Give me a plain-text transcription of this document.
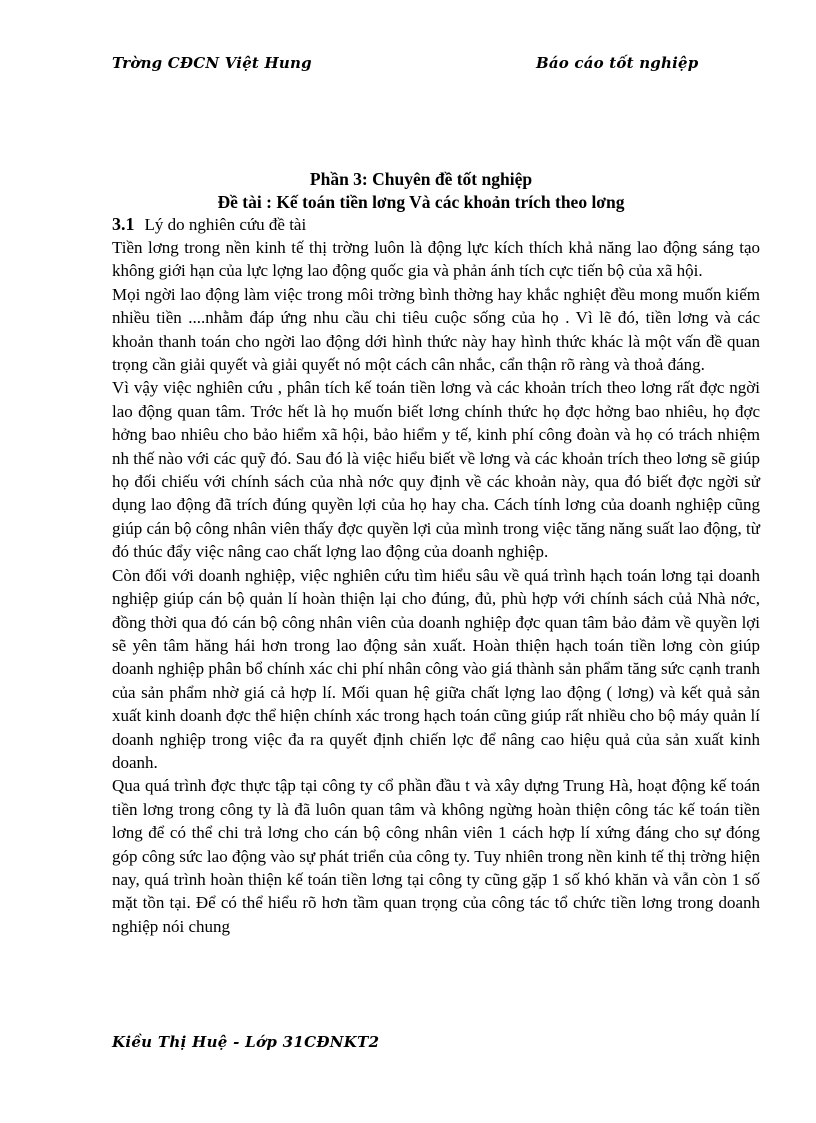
Trờng CĐCN Việt Hung	Báo cáo tốt nghiệp
Phần 3: Chuyên đề tốt nghiệp
Đề tài : Kế toán tiền lơng Và các khoản trích theo lơng
3.1 Lý do nghiên cứu đề tài

Tiền lơng trong nền kinh tế thị trờng luôn là động lực kích thích khả năng lao động sáng tạo không giới hạn của lực lợng lao động quốc gia và phản ánh tích cực tiến bộ của xã hội.

Mọi ngời lao động làm việc trong môi trờng bình thờng hay khắc nghiệt đều mong muốn kiếm nhiều tiền ....nhằm đáp ứng nhu cầu chi tiêu cuộc sống của họ . Vì lẽ đó, tiền lơng và các khoản thanh toán cho ngời lao động dới hình thức này hay hình thức khác là một vấn đề quan trọng cần giải quyết và giải quyết nó một cách cân nhắc, cẩn thận rõ ràng và thoả đáng.

Vì vậy việc nghiên cứu , phân tích kế toán tiền lơng và các khoản trích theo lơng rất đợc ngời lao động quan tâm. Trớc hết là họ muốn biết lơng chính thức họ đợc hởng bao nhiêu, họ đợc hởng bao nhiêu cho bảo hiểm xã hội, bảo hiểm y tế, kinh phí công đoàn và họ có trách nhiệm nh thế nào với các quỹ đó. Sau đó là việc hiểu biết về lơng và các khoản trích theo lơng sẽ giúp họ đối chiếu với chính sách của nhà nớc quy định về các khoản này, qua đó biết đợc ngời sử dụng lao động đã trích đúng quyền lợi của họ hay cha. Cách tính lơng của doanh nghiệp cũng giúp cán bộ công nhân viên thấy đợc quyền lợi của mình trong việc tăng năng suất lao động, từ đó thúc đẩy việc nâng cao chất lợng lao động của doanh nghiệp.

Còn đối với doanh nghiệp, việc nghiên cứu tìm hiểu sâu về quá trình hạch toán lơng tại doanh nghiệp giúp cán bộ quản lí hoàn thiện lại cho đúng, đủ, phù hợp với chính sách củả Nhà nớc, đồng thời qua đó cán bộ công nhân viên của doanh nghiệp đợc quan tâm bảo đảm về quyền lợi sẽ yên tâm hăng hái hơn trong lao động sản xuất. Hoàn thiện hạch toán tiền lơng còn giúp doanh nghiệp phân bổ chính xác chi phí nhân công vào giá thành sản phẩm tăng sức cạnh tranh của sản phẩm nhờ giá cả hợp lí. Mối quan hệ giữa chất lợng lao động ( lơng) và kết quả sản xuất kinh doanh đợc thể hiện chính xác trong hạch toán cũng giúp rất nhiều cho bộ máy quản lí doanh nghiệp trong việc đa ra quyết định chiến lợc để nâng cao hiệu quả của sản xuất kinh doanh.

Qua quá trình đợc thực tập tại công ty cổ phần đầu t và xây dựng Trung Hà, hoạt động kế toán tiền lơng trong công ty là đã luôn quan tâm và không ngừng hoàn thiện công tác kế toán tiền lơng để có thể chi trả lơng cho cán bộ công nhân viên 1 cách hợp lí xứng đáng cho sự đóng góp công sức lao động vào sự phát triển của công ty. Tuy nhiên trong nền kinh tế thị trờng hiện nay, quá trình hoàn thiện kế toán tiền lơng tại công ty cũng gặp 1 số khó khăn và vẫn còn 1 số mặt tồn tại. Để có thể hiểu rõ hơn tầm quan trọng của công tác tổ chức tiền lơng trong doanh nghiệp nói chung

Kiều Thị Huệ - Lớp 31CĐNKT2
